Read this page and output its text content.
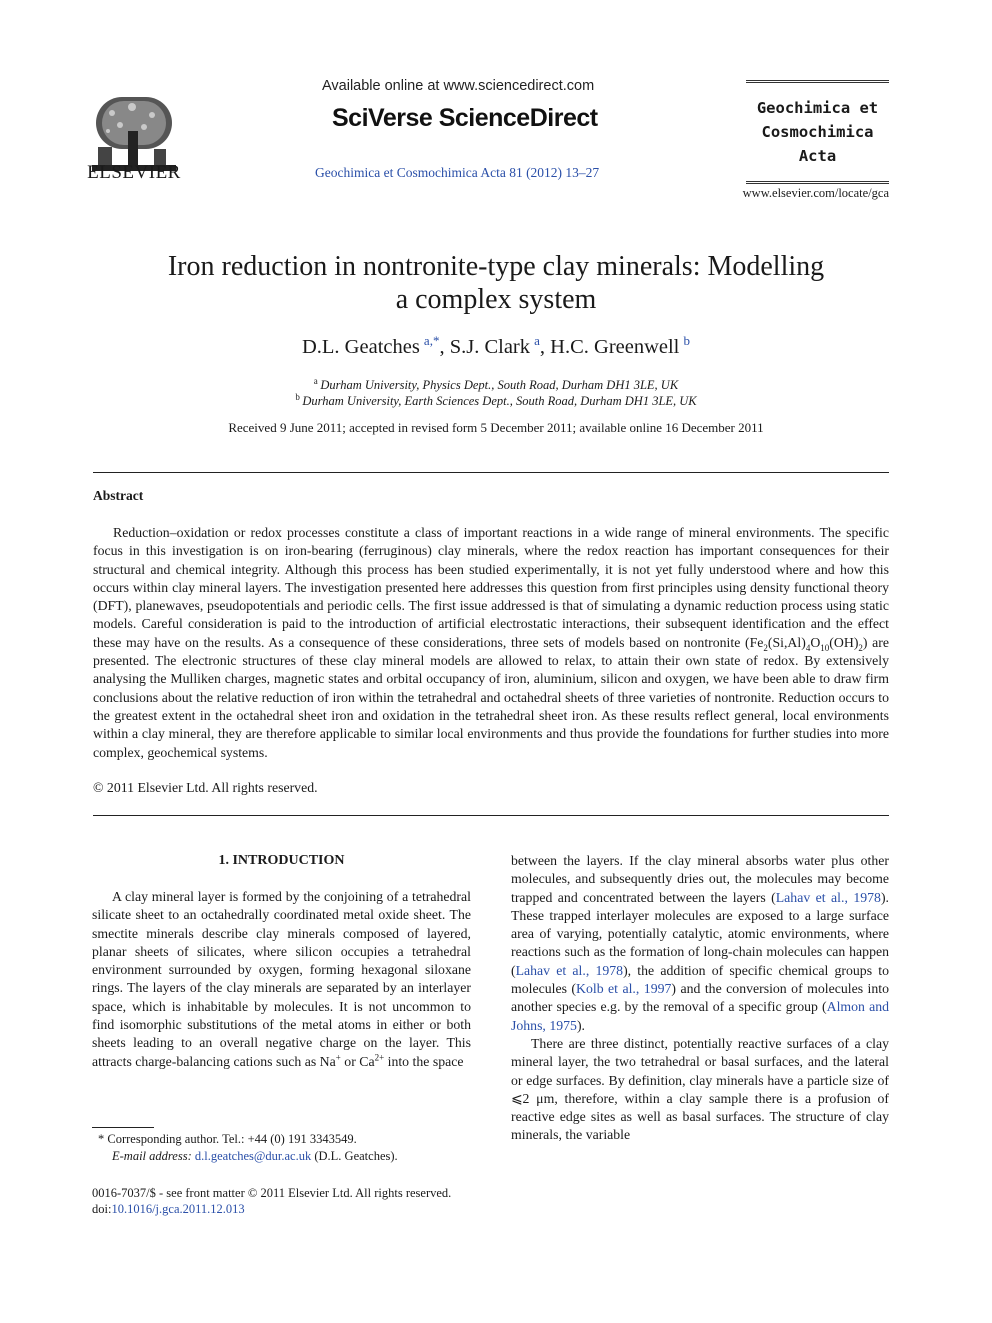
ELSEVIER
Available online at www.sciencedirect.com
SciVerse ScienceDirect
Geochimica et Cosmochimica Acta 81 (2012) 13–27
Geochimica et
Cosmochimica
Acta
www.elsevier.com/locate/gca
Iron reduction in nontronite-type clay minerals: Modelling
a complex system
D.L. Geatches  $^{a,*}$, S.J. Clark  $^a$, H.C. Greenwell  $^b$
$^a$  Durham University, Physics Dept., South Road, Durham DH1 3LE, UK
$^b$  Durham University, Earth Sciences Dept., South Road, Durham DH1 3LE, UK
Received 9 June 2011; accepted in revised form 5 December 2011; available online 16 December 2011
Abstract
Reduction–oxidation or redox processes constitute a class of important reactions in a wide range of mineral environments. The specific focus in this investigation is on iron-bearing (ferruginous) clay minerals, where the redox reaction has important consequences for their structural and chemical integrity. Although this process has been studied experimentally, it is not yet fully understood where and how this occurs within clay mineral layers. The investigation presented here addresses this question from first principles using density functional theory (DFT), planewaves, pseudopotentials and periodic cells. The first issue addressed is that of simulating a dynamic reduction process using static models. Careful consideration is paid to the introduction of artificial electrostatic interactions, their subsequent identification and the effect these may have on the results. As a consequence of these considerations, three sets of models based on nontronite $(Fe_2(Si,Al)_4O_{10}(OH)_2)$ are presented. The electronic structures of these clay mineral models are allowed to relax, to attain their own state of redox. By extensively analysing the Mulliken charges, magnetic states and orbital occupancy of iron, aluminium, silicon and oxygen, we have been able to draw firm conclusions about the relative reduction of iron within the tetrahedral and octahedral sheets of three varieties of nontronite. Reduction occurs to the greatest extent in the octahedral sheet iron and oxidation in the tetrahedral sheet iron. As these results reflect general, local environments within a clay mineral, they are therefore applicable to similar local environments and thus provide the foundations for further studies into more complex, geochemical systems.
© 2011 Elsevier Ltd. All rights reserved.
1. INTRODUCTION
A clay mineral layer is formed by the conjoining of a tetrahedral silicate sheet to an octahedrally coordinated metal oxide sheet. The smectite minerals describe clay minerals composed of layered, planar sheets of silicates, where silicon occupies a tetrahedral environment surrounded by oxygen, forming hexagonal siloxane rings. The layers of the clay minerals are separated by an interlayer space, which is inhabitable by molecules. It is not uncommon to find isomorphic substitutions of the metal atoms in either or both sheets leading to an overall negative charge on the layer. This attracts charge-balancing cations such as Na+ or $Ca^{2+}$ into the space

between the layers. If the clay mineral absorbs water plus other molecules, and subsequently dries out, the molecules may become trapped and concentrated between the layers (Lahav et al., 1978). These trapped interlayer molecules are exposed to a large surface area of varying, potentially catalytic, atomic environments, where reactions such as the formation of long-chain molecules can happen (Lahav et al., 1978), the addition of specific chemical groups to molecules (Kolb et al., 1997) and the conversion of molecules into another species e.g. by the removal of a specific group (Almon and Johns, 1975).

There are three distinct, potentially reactive surfaces of a clay mineral layer, the two tetrahedral or basal surfaces, and the lateral or edge surfaces. By definition, clay minerals have a particle size of ⩽2 μm, therefore, within a clay sample there is a profusion of reactive edge sites as well as basal surfaces. The structure of clay minerals, the variable

* Corresponding author. Tel.: +44 (0) 191 3343549.
E-mail address: d.l.geatches@dur.ac.uk (D.L. Geatches).
0016-7037/$ - see front matter © 2011 Elsevier Ltd. All rights reserved.
doi:10.1016/j.gca.2011.12.013
